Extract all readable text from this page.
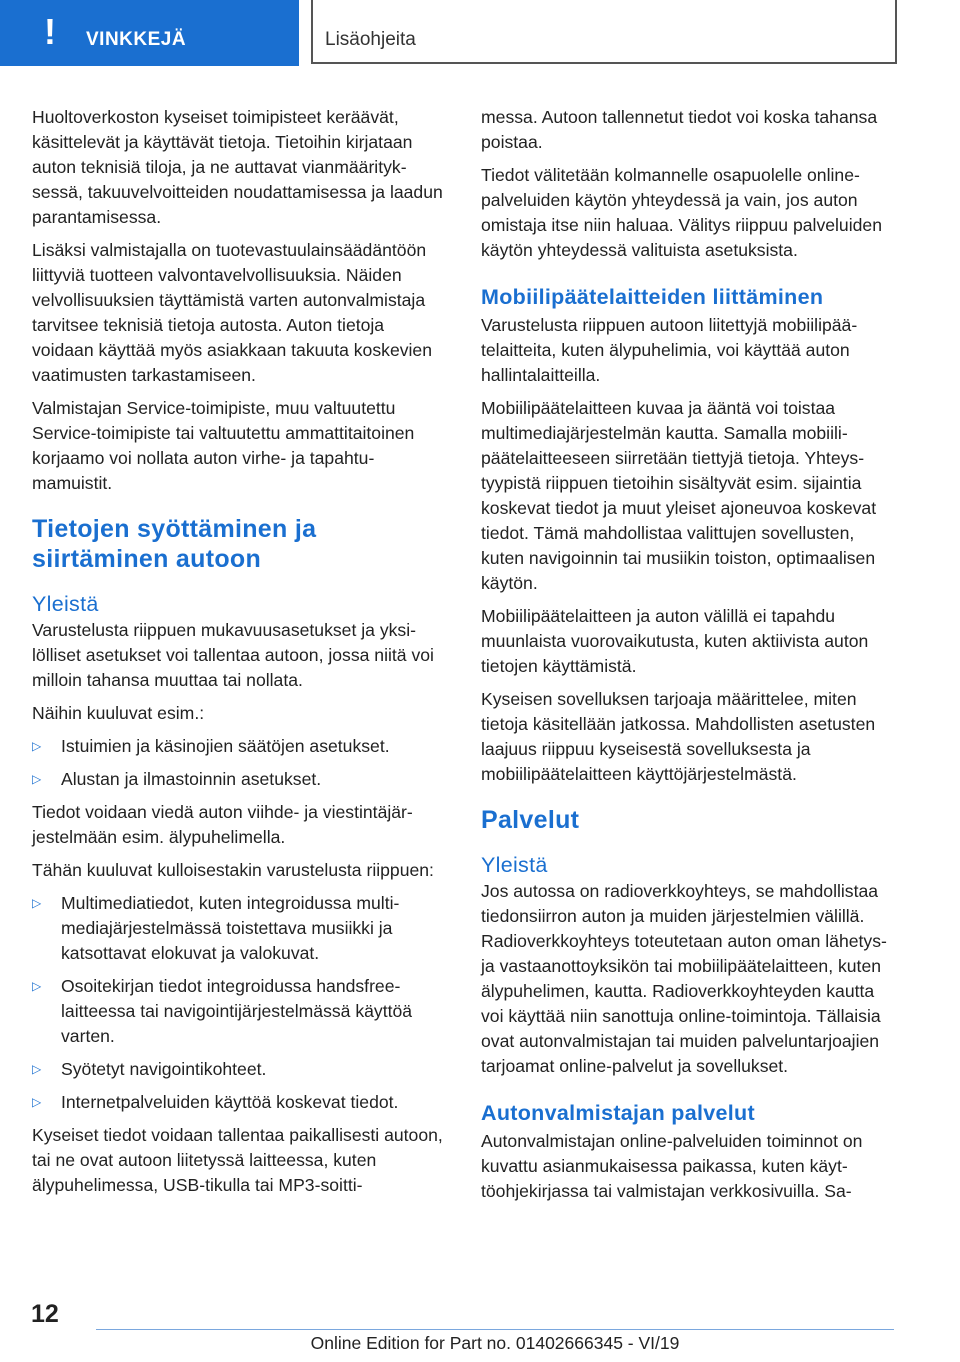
! VINKKEJÄ	Lisäohjeita

Huoltoverkoston kyseiset toimipisteet keräävät, käsittelevät ja käyttävät tietoja. Tietoihin kirjataan auton teknisiä tiloja, ja ne auttavat vianmäärityksessä, takuuvelvoitteiden noudattamisessa ja laadun parantamisessa.

Lisäksi valmistajalla on tuotevastuulainsäädäntöön liittyviä tuotteen valvontavelvollisuuksia. Näiden velvollisuuksien täyttämistä varten autonvalmistaja tarvitsee teknisiä tietoja autosta. Auton tietoja voidaan käyttää myös asiakkaan takuuta koskevien vaatimusten tarkastamiseen.

Valmistajan Service-toimipiste, muu valtuutettu Service-toimipiste tai valtuutettu ammattitaitoinen korjaamo voi nollata auton virhe- ja tapahtumamuistit.

Tietojen syöttäminen ja siirtäminen autoon
Yleistä

Varustelusta riippuen mukavuusasetukset ja yksilölliset asetukset voi tallentaa autoon, jossa niitä voi milloin tahansa muuttaa tai nollata.

Näihin kuuluvat esim.:

▷ Istuimien ja käsinojien säätöjen asetukset.
▷ Alustan ja ilmastoinnin asetukset.

Tiedot voidaan viedä auton viihde- ja viestintäjärjestelmään esim. älypuhelimella.

Tähän kuuluvat kulloisestakin varustelusta riippuen:

▷ Multimediatiedot, kuten integroidussa multimediajärjestelmässä toistettava musiikki ja katsottavat elokuvat ja valokuvat.
▷ Osoitekirjan tiedot integroidussa handsfree-laitteessa tai navigointijärjestelmässä käyttöä varten.
▷ Syötetyt navigointikohteet.
▷ Internetpalveluiden käyttöä koskevat tiedot.

Kyseiset tiedot voidaan tallentaa paikallisesti autoon, tai ne ovat autoon liitetyssä laitteessa, kuten älypuhelimessa, USB-tikulla tai MP3-soitti-

messa. Autoon tallennetut tiedot voi koska tahansa poistaa.

Tiedot välitetään kolmannelle osapuolelle online-palveluiden käytön yhteydessä ja vain, jos auton omistaja itse niin haluaa. Välitys riippuu palveluiden käytön yhteydessä valituista asetuksista.

Mobiilipäätelaitteiden liittäminen

Varustelusta riippuen autoon liitettyjä mobiilipäätelaitteita, kuten älypuhelimia, voi käyttää auton hallintalaitteilla.

Mobiilipäätelaitteen kuvaa ja ääntä voi toistaa multimediajärjestelmän kautta. Samalla mobiilipäätelaitteeseen siirretään tiettyjä tietoja. Yhteystyypistä riippuen tietoihin sisältyvät esim. sijaintia koskevat tiedot ja muut yleiset ajoneuvoa koskevat tiedot. Tämä mahdollistaa valittujen sovellusten, kuten navigoinnin tai musiikin toiston, optimaalisen käytön.

Mobiilipäätelaitteen ja auton välillä ei tapahdu muunlaista vuorovaikutusta, kuten aktiivista auton tietojen käyttämistä.

Kyseisen sovelluksen tarjoaja määrittelee, miten tietoja käsitellään jatkossa. Mahdollisten asetusten laajuus riippuu kyseisestä sovelluksesta ja mobiilipäätelaitteen käyttöjärjestelmästä.

Palvelut
Yleistä

Jos autossa on radioverkkoyhteys, se mahdollistaa tiedonsiirron auton ja muiden järjestelmien välillä. Radioverkkoyhteys toteutetaan auton oman lähetys- ja vastaanottoyksikön tai mobiilipäätelaitteen, kuten älypuhelimen, kautta. Radioverkkoyhteyden kautta voi käyttää niin sanottuja online-toimintoja. Tällaisia ovat autonvalmistajan tai muiden palveluntarjoajien tarjoamat online-palvelut ja sovellukset.

Autonvalmistajan palvelut

Autonvalmistajan online-palveluiden toiminnot on kuvattu asianmukaisessa paikassa, kuten käyttöohjekirjassa tai valmistajan verkkosivuilla. Sa-

12
Online Edition for Part no. 01402666345 - VI/19
